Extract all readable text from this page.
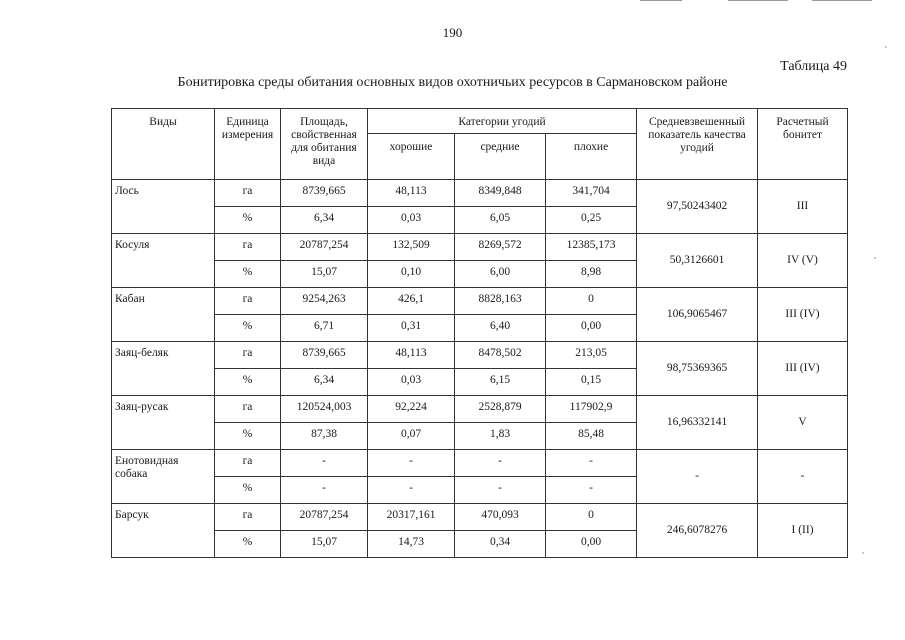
190
Таблица 49
Бонитировка среды обитания основных видов охотничьих ресурсов в Сармановском районе
Виды	Единица измерения	Площадь, свойственная для обитания вида	Категории угодий			Средневзвешенный показатель качества угодий	Расчетный бонитет
			хорошие	средние	плохие		
Лось	га	8739,665	48,113	8349,848	341,704	97,50243402	III
	%	6,34	0,03	6,05	0,25		
Косуля	га	20787,254	132,509	8269,572	12385,173	50,3126601	IV (V)
	%	15,07	0,10	6,00	8,98		
Кабан	га	9254,263	426,1	8828,163	0	106,9065467	III (IV)
	%	6,71	0,31	6,40	0,00		
Заяц-беляк	га	8739,665	48,113	8478,502	213,05	98,75369365	III (IV)
	%	6,34	0,03	6,15	0,15		
Заяц-русак	га	120524,003	92,224	2528,879	117902,9	16,96332141	V
	%	87,38	0,07	1,83	85,48		
Енотовидная собака	га	-	-	-	-	-	-
	%	-	-	-	-		
Барсук	га	20787,254	20317,161	470,093	0	246,6078276	I (II)
	%	15,07	14,73	0,34	0,00		
